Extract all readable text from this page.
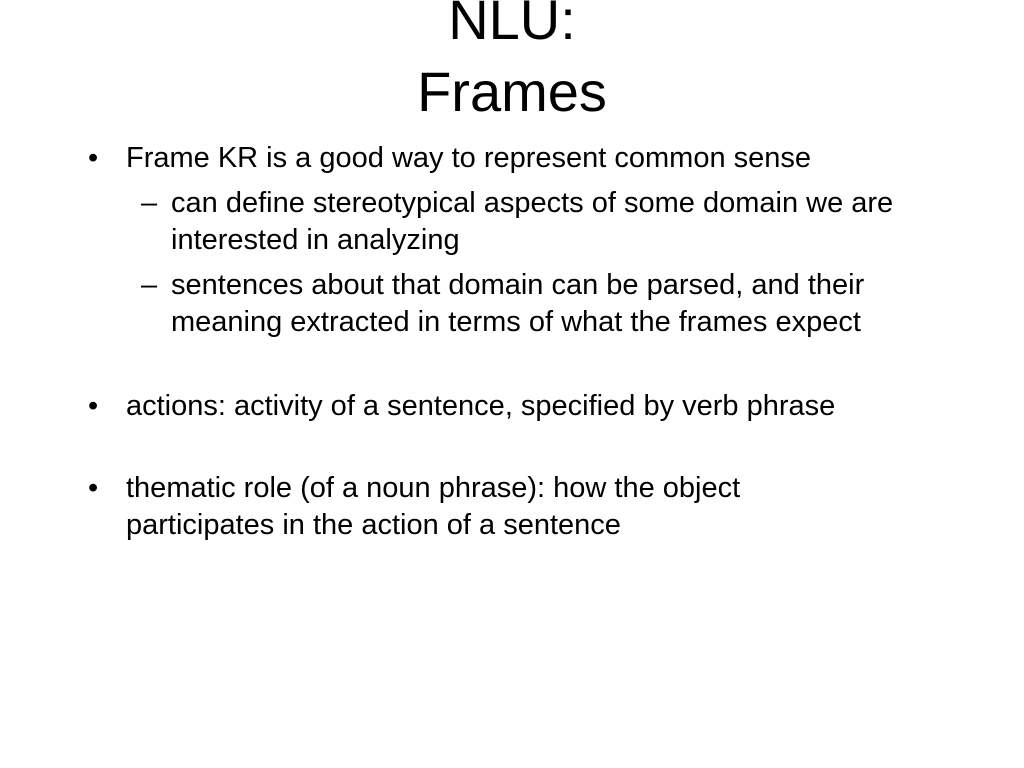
NLU:
Frames
• Frame KR is a good way to represent common sense
– can define stereotypical aspects of some domain we are interested in analyzing
– sentences about that domain can be parsed, and their meaning extracted in terms of what the frames expect
• actions: activity of a sentence, specified by verb phrase
• thematic role (of a noun phrase): how the object participates in the action of a sentence
